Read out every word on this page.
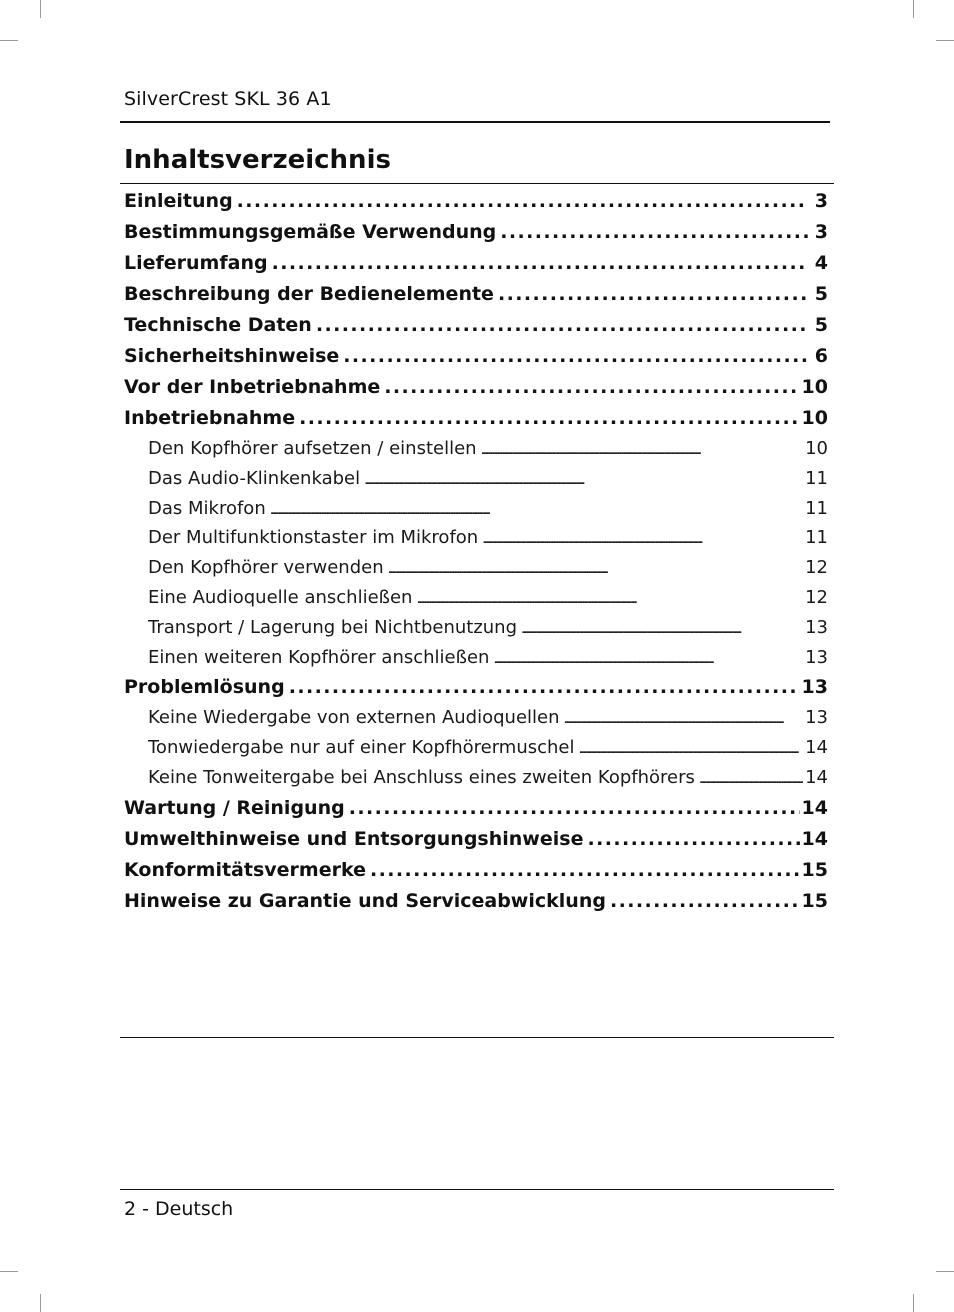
SilverCrest SKL 36 A1
Inhaltsverzeichnis
Einleitung . . .	3
Bestimmungsgemäße Verwendung . . .	3
Lieferumfang . . .	4
Beschreibung der Bedienelemente . . .	5
Technische Daten . . .	5
Sicherheitshinweise . . .	6
Vor der Inbetriebnahme . . .	10
Inbetriebnahme . . .	10
Den Kopfhörer aufsetzen / einstellen . . .	10
Das Audio-Klinkenkabel . . .	11
Das Mikrofon . . .	11
Der Multifunktionstaster im Mikrofon . . .	11
Den Kopfhörer verwenden . . .	12
Eine Audioquelle anschließen . . .	12
Transport / Lagerung bei Nichtbenutzung . . .	13
Einen weiteren Kopfhörer anschließen . . .	13
Problemlösung . . .	13
Keine Wiedergabe von externen Audioquellen . . .	13
Tonwiedergabe nur auf einer Kopfhörermuschel . . .	14
Keine Tonweitergabe bei Anschluss eines zweiten Kopfhörers . . .	14
Wartung / Reinigung . . .	14
Umwelthinweise und Entsorgungshinweise . . .	14
Konformitätsvermerke . . .	15
Hinweise zu Garantie und Serviceabwicklung . . .	15
2 - Deutsch
